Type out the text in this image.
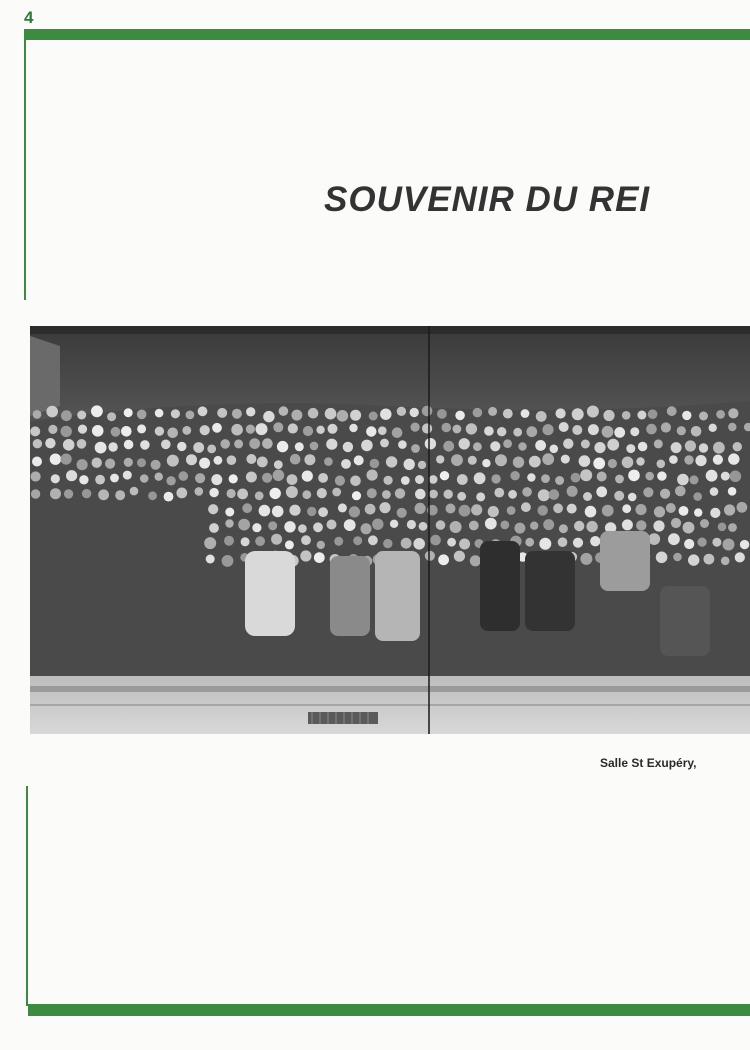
4
SOUVENIR DU REI
Salle St Exupéry,
